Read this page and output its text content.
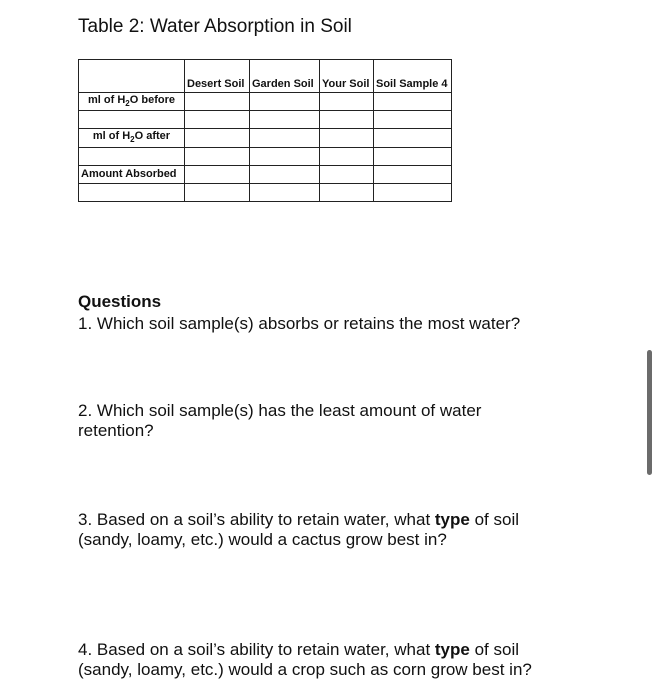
Table 2: Water Absorption in Soil
	Desert Soil	Garden Soil	Your Soil	Soil Sample 4
ml of $H_2O$ before				

ml of $H_2O$ after				

Amount Absorbed				

Questions
1. Which soil sample(s) absorbs or retains the most water?
2. Which soil sample(s) has the least amount of water retention?
3. Based on a soil’s ability to retain water, what type of soil (sandy, loamy, etc.) would a cactus grow best in?
4. Based on a soil’s ability to retain water, what type of soil (sandy, loamy, etc.) would a crop such as corn grow best in?
